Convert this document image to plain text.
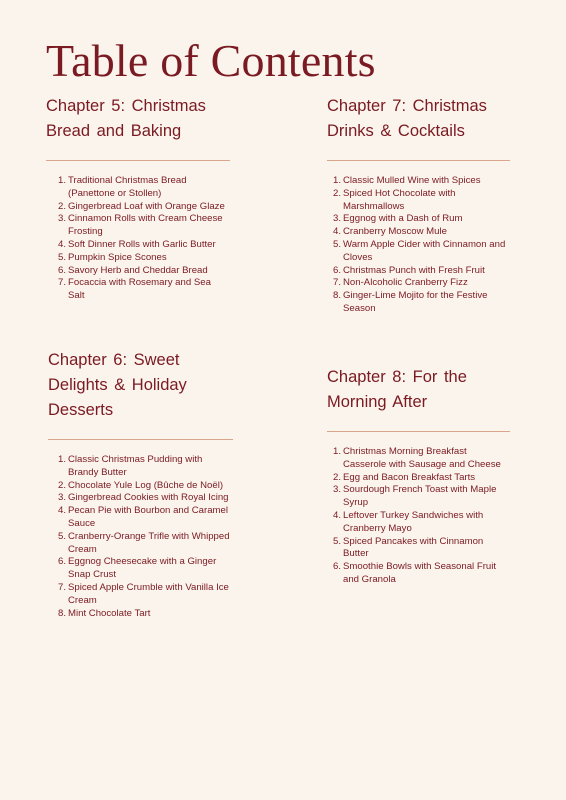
Table of Contents
Chapter 5: Christmas Bread and Baking
1. Traditional Christmas Bread (Panettone or Stollen)
2. Gingerbread Loaf with Orange Glaze
3. Cinnamon Rolls with Cream Cheese Frosting
4. Soft Dinner Rolls with Garlic Butter
5. Pumpkin Spice Scones
6. Savory Herb and Cheddar Bread
7. Focaccia with Rosemary and Sea Salt
Chapter 7: Christmas Drinks & Cocktails
1. Classic Mulled Wine with Spices
2. Spiced Hot Chocolate with Marshmallows
3. Eggnog with a Dash of Rum
4. Cranberry Moscow Mule
5. Warm Apple Cider with Cinnamon and Cloves
6. Christmas Punch with Fresh Fruit
7. Non-Alcoholic Cranberry Fizz
8. Ginger-Lime Mojito for the Festive Season
Chapter 6: Sweet Delights & Holiday Desserts
1. Classic Christmas Pudding with Brandy Butter
2. Chocolate Yule Log (Bûche de Noël)
3. Gingerbread Cookies with Royal Icing
4. Pecan Pie with Bourbon and Caramel Sauce
5. Cranberry-Orange Trifle with Whipped Cream
6. Eggnog Cheesecake with a Ginger Snap Crust
7. Spiced Apple Crumble with Vanilla Ice Cream
8. Mint Chocolate Tart
Chapter 8: For the Morning After
1. Christmas Morning Breakfast Casserole with Sausage and Cheese
2. Egg and Bacon Breakfast Tarts
3. Sourdough French Toast with Maple Syrup
4. Leftover Turkey Sandwiches with Cranberry Mayo
5. Spiced Pancakes with Cinnamon Butter
6. Smoothie Bowls with Seasonal Fruit and Granola
